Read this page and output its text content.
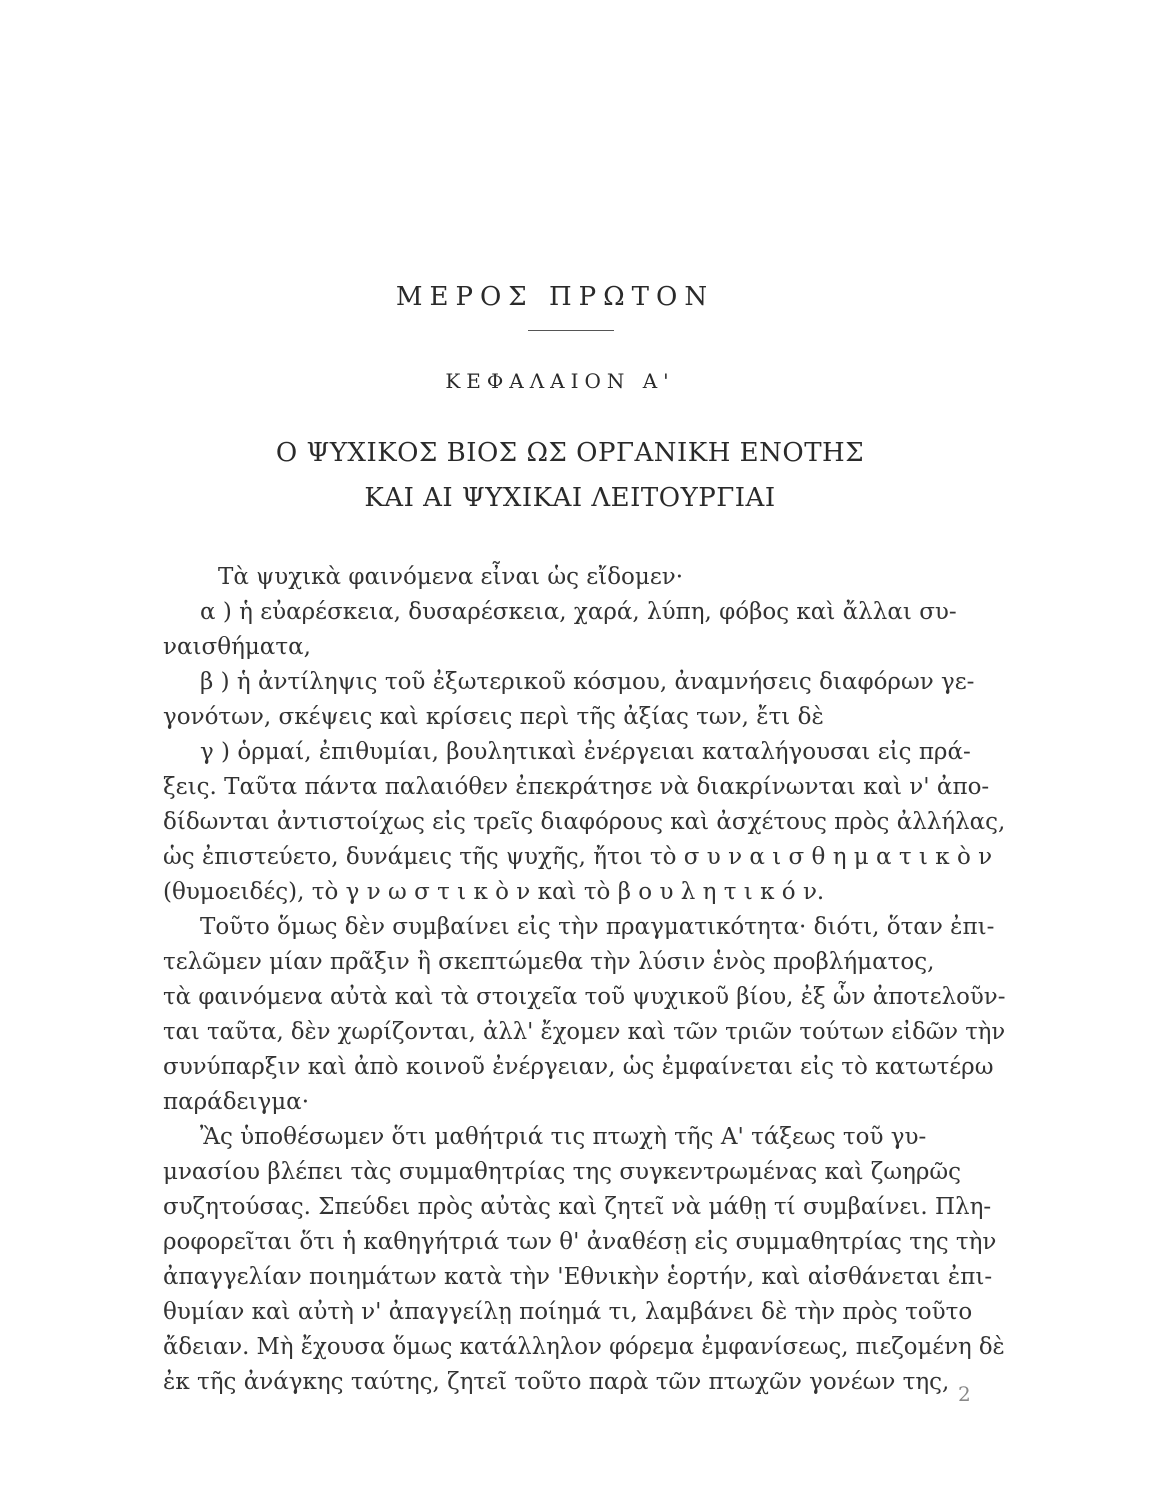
ΜΕΡΟΣ ΠΡΩΤΟΝ
ΚΕΦΑΛΑΙΟΝ Α'
Ο ΨΥΧΙΚΟΣ ΒΙΟΣ ΩΣ ΟΡΓΑΝΙΚΗ ΕΝΟΤΗΣ
ΚΑΙ ΑΙ ΨΥΧΙΚΑΙ ΛΕΙΤΟΥΡΓΙΑΙ
Τὰ ψυχικὰ φαινόμενα εἶναι ὡς εἴδομεν·
α ) ἡ εὐαρέσκεια, δυσαρέσκεια, χαρά, λύπη, φόβος καὶ ἄλλαι συ-
ναισθήματα,
β ) ἡ ἀντίληψις τοῦ ἐξωτερικοῦ κόσμου, ἀναμνήσεις διαφόρων γε-
γονότων, σκέψεις καὶ κρίσεις περὶ τῆς ἀξίας των, ἔτι δὲ
γ ) ὁρμαί, ἐπιθυμίαι, βουλητικαὶ ἐνέργειαι καταλήγουσαι εἰς πρά-
ξεις. Ταῦτα πάντα παλαιόθεν ἐπεκράτησε νὰ διακρίνωνται καὶ ν' ἀπο-
δίδωνται ἀντιστοίχως εἰς τρεῖς διαφόρους καὶ ἀσχέτους πρὸς ἀλλήλας,
ὡς ἐπιστεύετο, δυνάμεις τῆς ψυχῆς, ἤτοι τὸ σ υ ν α ι σ θ η μ α τ ι κ ὸ ν
(θυμοειδές), τὸ γ ν ω σ τ ι κ ὸ ν καὶ τὸ β ο υ λ η τ ι κ ό ν.
Τοῦτο ὅμως δὲν συμβαίνει εἰς τὴν πραγματικότητα· διότι, ὅταν ἐπι-
τελῶμεν μίαν πρᾶξιν ἢ σκεπτώμεθα τὴν λύσιν ἑνὸς προβλήματος,
τὰ φαινόμενα αὐτὰ καὶ τὰ στοιχεῖα τοῦ ψυχικοῦ βίου, ἐξ ὧν ἀποτελοῦν-
ται ταῦτα, δὲν χωρίζονται, ἀλλ' ἔχομεν καὶ τῶν τριῶν τούτων εἰδῶν τὴν
συνύπαρξιν καὶ ἀπὸ κοινοῦ ἐνέργειαν, ὡς ἐμφαίνεται εἰς τὸ κατωτέρω
παράδειγμα·
Ἂς ὑποθέσωμεν ὅτι μαθήτριά τις πτωχὴ τῆς Α' τάξεως τοῦ γυ-
μνασίου βλέπει τὰς συμμαθητρίας της συγκεντρωμένας καὶ ζωηρῶς
συζητούσας. Σπεύδει πρὸς αὐτὰς καὶ ζητεῖ νὰ μάθῃ τί συμβαίνει. Πλη-
ροφορεῖται ὅτι ἡ καθηγήτριά των θ' ἀναθέσῃ εἰς συμμαθητρίας της τὴν
ἀπαγγελίαν ποιημάτων κατὰ τὴν 'Εθνικὴν ἑορτήν, καὶ αἰσθάνεται ἐπι-
θυμίαν καὶ αὐτὴ ν' ἀπαγγείλῃ ποίημά τι, λαμβάνει δὲ τὴν πρὸς τοῦτο
ἄδειαν. Μὴ ἔχουσα ὅμως κατάλληλον φόρεμα ἐμφανίσεως, πιεζομένη δὲ
ἐκ τῆς ἀνάγκης ταύτης, ζητεῖ τοῦτο παρὰ τῶν πτωχῶν γονέων της, 2
